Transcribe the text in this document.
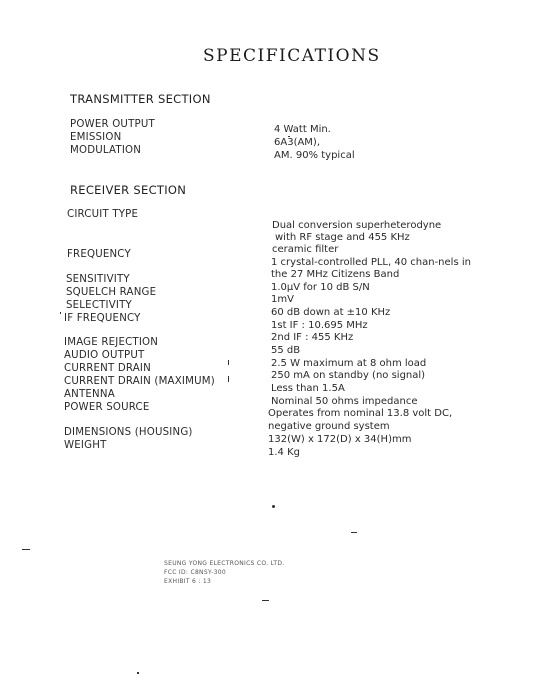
SPECIFICATIONS
TRANSMITTER SECTION
POWER OUTPUT
EMISSION
MODULATION
4 Watt Min.
6A3(AM),
AM. 90% typical
RECEIVER SECTION
CIRCUIT TYPE
FREQUENCY
SENSITIVITY
SQUELCH RANGE
SELECTIVITY
IF FREQUENCY
IMAGE REJECTION
AUDIO OUTPUT
CURRENT DRAIN
CURRENT DRAIN (MAXIMUM)
ANTENNA
POWER SOURCE
DIMENSIONS (HOUSING)
WEIGHT
Dual conversion superheterodyne
with RF stage and 455 KHz
ceramic filter
1 crystal-controlled PLL, 40 chan-nels in
the 27 MHz Citizens Band
1.0µV for 10 dB S/N
1mV
60 dB down at ±10 KHz
1st IF : 10.695 MHz
2nd IF : 455 KHz
55 dB
2.5 W maximum at 8 ohm load
250 mA on standby (no signal)
Less than 1.5A
Nominal 50 ohms impedance
Operates from nominal 13.8 volt DC,
negative ground system
132(W) x 172(D) x 34(H)mm
1.4 Kg
SEUNG YONG ELECTRONICS CO. LTD.
FCC ID: C8NSY-300
EXHIBIT 6 : 13
